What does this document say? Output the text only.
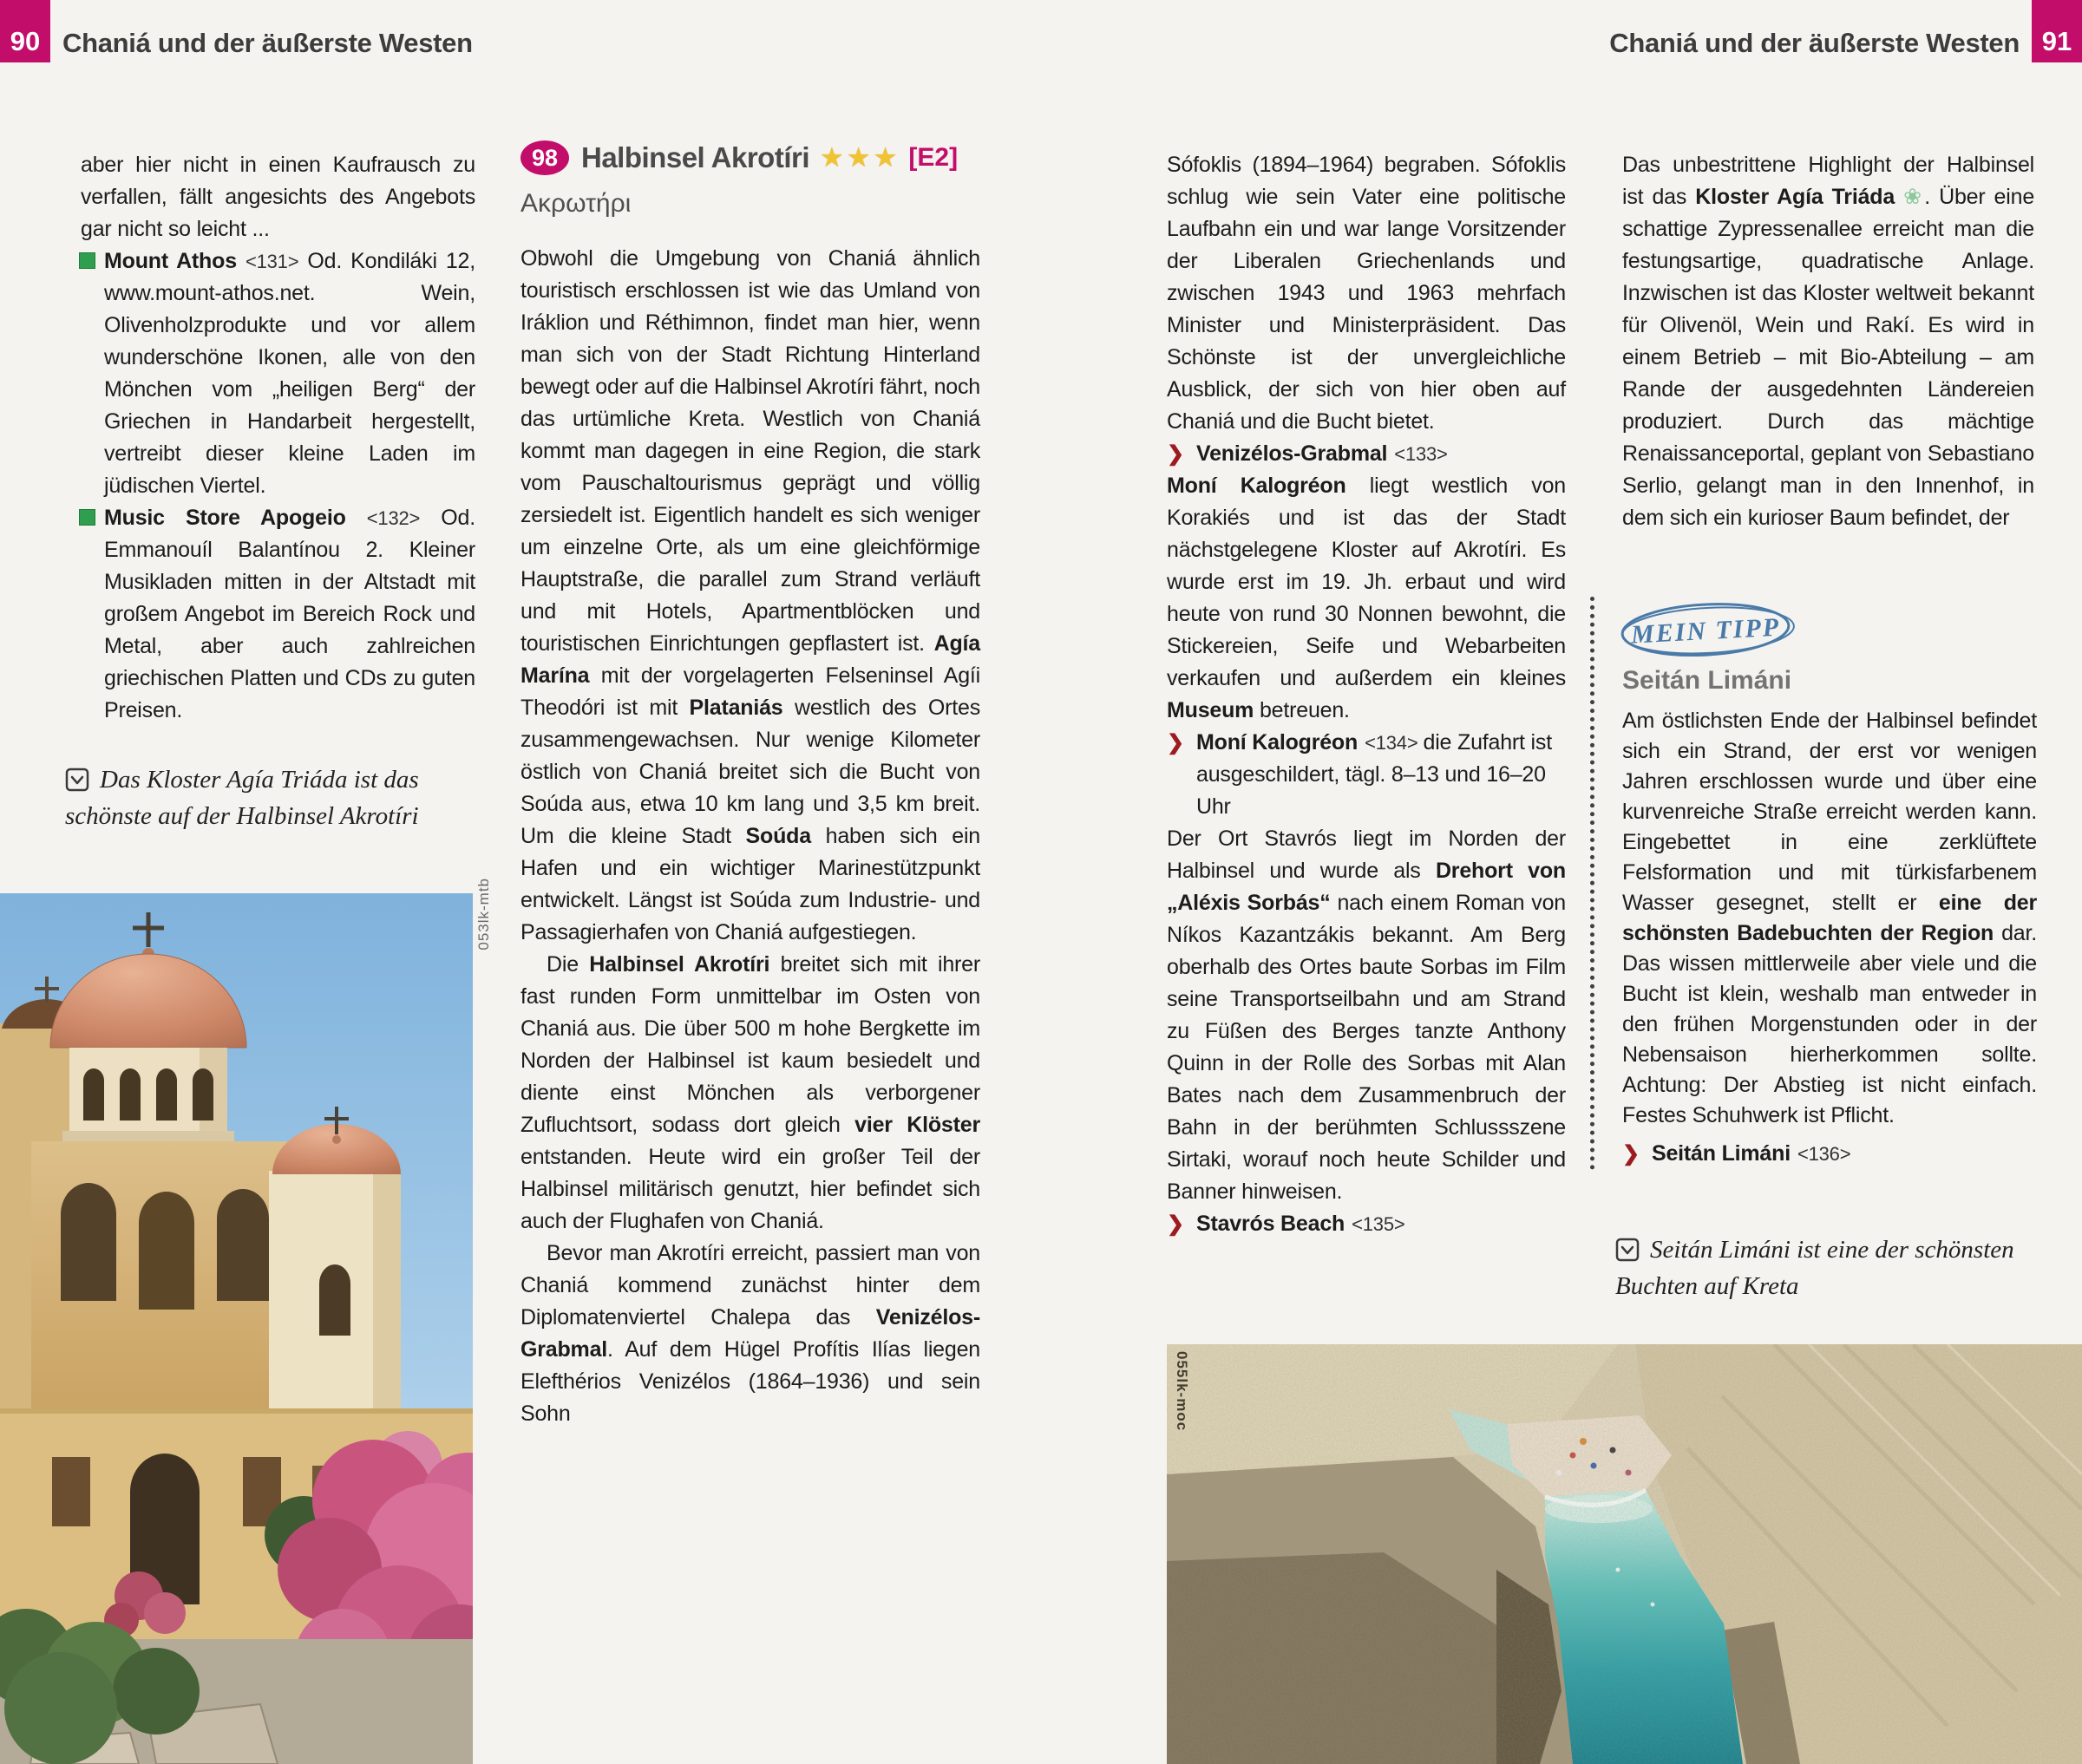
90 Chaniá und der äußerste Westen	Chaniá und der äußerste Westen 91

aber hier nicht in einen Kaufrausch zu verfallen, fällt angesichts des Angebots gar nicht so leicht ...

Mount Athos <131> Od. Kondiláki 12, www.mount-athos.net. Wein, Olivenholzprodukte und vor allem wunderschöne Ikonen, alle von den Mönchen vom „heiligen Berg“ der Griechen in Handarbeit hergestellt, vertreibt dieser kleine Laden im jüdischen Viertel.

Music Store Apogeio <132> Od. Emmanouíl Balantínou 2. Kleiner Musikladen mitten in der Altstadt mit großem Angebot im Bereich Rock und Metal, aber auch zahlreichen griechischen Platten und CDs zu guten Preisen.

Das Kloster Agía Triáda ist das schönste auf der Halbinsel Akrotíri
053lk-mtb
98 Halbinsel Akrotíri ★★★ [E2]
Ακρωτήρι

Obwohl die Umgebung von Chaniá ähnlich touristisch erschlossen ist wie das Umland von Iráklion und Réthimnon, findet man hier, wenn man sich von der Stadt Richtung Hinterland bewegt oder auf die Halbinsel Akrotíri fährt, noch das urtümliche Kreta. Westlich von Chaniá kommt man dagegen in eine Region, die stark vom Pauschaltourismus geprägt und völlig zersiedelt ist. Eigentlich handelt es sich weniger um einzelne Orte, als um eine gleichförmige Hauptstraße, die parallel zum Strand verläuft und mit Hotels, Apartmentblöcken und touristischen Einrichtungen gepflastert ist. Agía Marína mit der vorgelagerten Felseninsel Agíi Theodóri ist mit Plataniás westlich des Ortes zusammengewachsen. Nur wenige Kilometer östlich von Chaniá breitet sich die Bucht von Soúda aus, etwa 10 km lang und 3,5 km breit. Um die kleine Stadt Soúda haben sich ein Hafen und ein wichtiger Marinestützpunkt entwickelt. Längst ist Soúda zum Industrie- und Passagierhafen von Chaniá aufgestiegen.

Die Halbinsel Akrotíri breitet sich mit ihrer fast runden Form unmittelbar im Osten von Chaniá aus. Die über 500 m hohe Bergkette im Norden der Halbinsel ist kaum besiedelt und diente einst Mönchen als verborgener Zufluchtsort, sodass dort gleich vier Klöster entstanden. Heute wird ein großer Teil der Halbinsel militärisch genutzt, hier befindet sich auch der Flughafen von Chaniá.

Bevor man Akrotíri erreicht, passiert man von Chaniá kommend zunächst hinter dem Diplomatenviertel Chalepa das Venizélos-Grabmal. Auf dem Hügel Profítis Ilías liegen Elefthérios Venizélos (1864–1936) und sein Sohn

Sófoklis (1894–1964) begraben. Sófoklis schlug wie sein Vater eine politische Laufbahn ein und war lange Vorsitzender der Liberalen Griechenlands und zwischen 1943 und 1963 mehrfach Minister und Ministerpräsident. Das Schönste ist der unvergleichliche Ausblick, der sich von hier oben auf Chaniá und die Bucht bietet.

❯ Venizélos-Grabmal <133>

Moní Kalogréon liegt westlich von Korakiés und ist das der Stadt nächstgelegene Kloster auf Akrotíri. Es wurde erst im 19. Jh. erbaut und wird heute von rund 30 Nonnen bewohnt, die Stickereien, Seife und Webarbeiten verkaufen und außerdem ein kleines Museum betreuen.

❯ Moní Kalogréon <134> die Zufahrt ist ausgeschildert, tägl. 8–13 und 16–20 Uhr

Der Ort Stavrós liegt im Norden der Halbinsel und wurde als Drehort von „Aléxis Sorbás“ nach einem Roman von Níkos Kazantzákis bekannt. Am Berg oberhalb des Ortes baute Sorbas im Film seine Transportseilbahn und am Strand zu Füßen des Berges tanzte Anthony Quinn in der Rolle des Sorbas mit Alan Bates nach dem Zusammenbruch der Bahn in der berühmten Schlussszene Sirtaki, worauf noch heute Schilder und Banner hinweisen.

❯ Stavrós Beach <135>

Das unbestrittene Highlight der Halbinsel ist das Kloster Agía Triáda ❀. Über eine schattige Zypressenallee erreicht man die festungsartige, quadratische Anlage. Inzwischen ist das Kloster weltweit bekannt für Olivenöl, Wein und Rakí. Es wird in einem Betrieb – mit Bio-Abteilung – am Rande der ausgedehnten Ländereien produziert. Durch das mächtige Renaissanceportal, geplant von Sebastiano Serlio, gelangt man in den Innenhof, in dem sich ein kurioser Baum befindet, der

MEIN TIPP
Seitán Limáni

Am östlichsten Ende der Halbinsel befindet sich ein Strand, der erst vor wenigen Jahren erschlossen wurde und über eine kurvenreiche Straße erreicht werden kann. Eingebettet in eine zerklüftete Felsformation und mit türkisfarbenem Wasser gesegnet, stellt er eine der schönsten Badebuchten der Region dar. Das wissen mittlerweile aber viele und die Bucht ist klein, weshalb man entweder in den frühen Morgenstunden oder in der Nebensaison hierherkommen sollte. Achtung: Der Abstieg ist nicht einfach. Festes Schuhwerk ist Pflicht.

❯ Seitán Limáni <136>

Seitán Limáni ist eine der schönsten Buchten auf Kreta
055lk-moc
